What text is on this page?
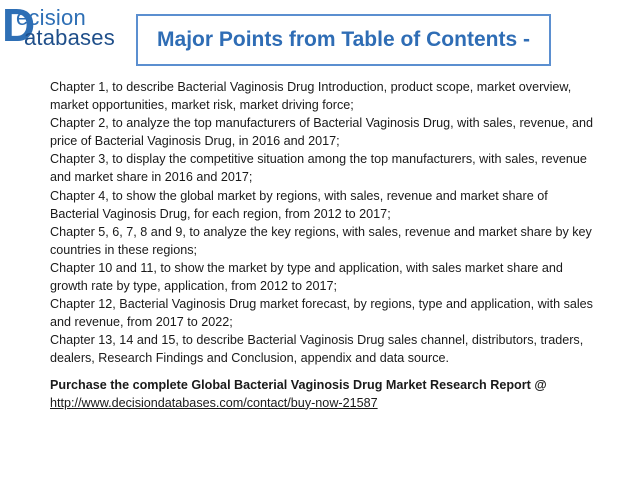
D
ecision
atabases Major Points from Table of Contents -

Chapter 1, to describe Bacterial Vaginosis Drug Introduction, product scope, market overview, market opportunities, market risk, market driving force;

Chapter 2, to analyze the top manufacturers of Bacterial Vaginosis Drug, with sales, revenue, and price of Bacterial Vaginosis Drug, in 2016 and 2017;

Chapter 3, to display the competitive situation among the top manufacturers, with sales, revenue and market share in 2016 and 2017;

Chapter 4, to show the global market by regions, with sales, revenue and market share of Bacterial Vaginosis Drug, for each region, from 2012 to 2017;

Chapter 5, 6, 7, 8 and 9, to analyze the key regions, with sales, revenue and market share by key countries in these regions;

Chapter 10 and 11, to show the market by type and application, with sales market share and growth rate by type, application, from 2012 to 2017;

Chapter 12, Bacterial Vaginosis Drug market forecast, by regions, type and application, with sales and revenue, from 2017 to 2022;

Chapter 13, 14 and 15, to describe Bacterial Vaginosis Drug sales channel, distributors, traders, dealers, Research Findings and Conclusion, appendix and data source.

Purchase the complete Global Bacterial Vaginosis Drug Market Research Report @

http://www.decisiondatabases.com/contact/buy-now-21587
